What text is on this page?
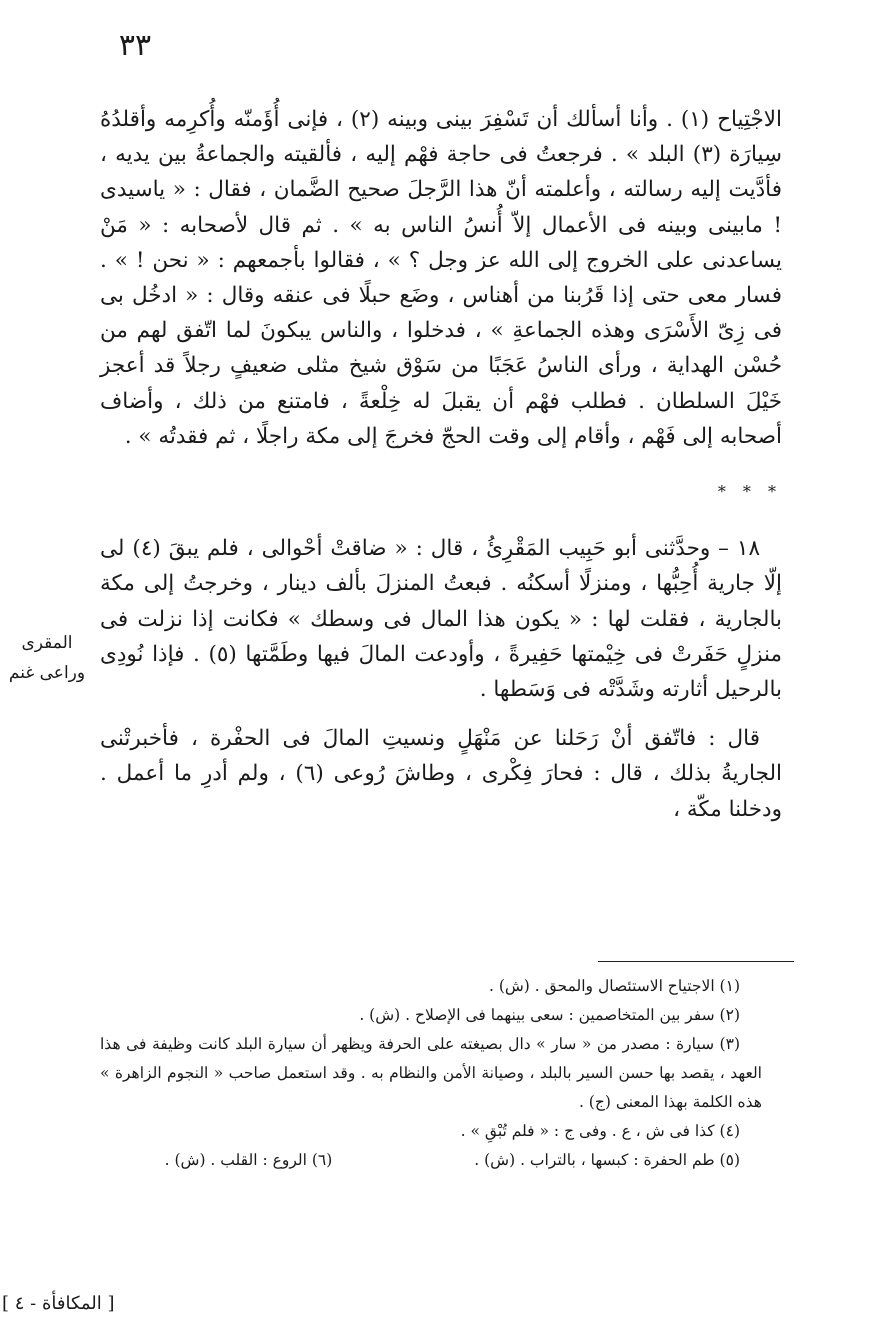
٣٣
المقرى وراعى غنم

الاجْتِياح (١) . وأنا أسألك أن تَسْفِرَ بينى وبينه (٢) ، فإنى أُؤَمنّه وأُكرِمه وأقلدُهُ سِيارَة (٣) البلد » . فرجعتُ فى حاجة فهْم إليه ، فألقيته والجماعةُ بين يديه ، فأدَّيت إليه رسالته ، وأعلمته أنّ هذا الرَّجلَ صحيح الضَّمان ، فقال : « ياسيدى ! مابينى وبينه فى الأعمال إلاّ أُنسُ الناس به » . ثم قال لأصحابه : « مَنْ يساعدنى على الخروج إلى الله عز وجل ؟ » ، فقالوا بأجمعهم : « نحن ! » . فسار معى حتى إذا قَرُبنا من أهناس ، وضَع حبلًا فى عنقه وقال : « ادخُل بى فى زِىّ الأَسْرَى وهذه الجماعةِ » ، فدخلوا ، والناس يبكونَ لما اتّفق لهم من حُسْن الهداية ، ورأى الناسُ عَجَبًا من سَوْق شيخ مثلى ضعيفٍ رجلاً قد أعجز خَيْلَ السلطان . فطلب فهْم أن يقبلَ له خِلْعةً ، فامتنع من ذلك ، وأضاف أصحابه إلى فَهْم ، وأقام إلى وقت الحجّ فخرجَ إلى مكة راجلًا ، ثم فقدتُه » .

* * *

١٨ – وحدَّثنى أبو حَبِيب المَقْرِئُ ، قال : « ضاقتْ أحْوالى ، فلم يبقَ (٤) لى إلّا جارية أُحِبُّها ، ومنزلًا أسكنُه . فبعتُ المنزلَ بألف دينار ، وخرجتُ إلى مكة بالجارية ، فقلت لها : « يكون هذا المال فى وسطك » فكانت إذا نزلت فى منزلٍ حَفَرتْ فى خِيْمتها حَفِيرةً ، وأودعت المالَ فيها وطَمَّتها (٥) . فإذا نُودِى بالرحيل أثارته وشَدَّتْه فى وَسَطها .

قال : فاتّفق أنْ رَحَلنا عن مَنْهَلٍ ونسيتِ المالَ فى الحفْرة ، فأخبرتْنى الجاريةُ بذلك ، قال : فحارَ فِكْرى ، وطاشَ رُوعى (٦) ، ولم أدرِ ما أعمل . ودخلنا مكّة ،

(١) الاجتياح الاستئصال والمحق . (ش) .

(٢) سفر بين المتخاصمين : سعى بينهما فى الإصلاح . (ش) .

(٣) سيارة : مصدر من « سار » دال بصيغته على الحرفة ويظهر أن سيارة البلد كانت وظيفة فى هذا العهد ، يقصد بها حسن السير بالبلد ، وصيانة الأمن والنظام به . وقد استعمل صاحب « النجوم الزاهرة » هذه الكلمة بهذا المعنى (ج) .

(٤) كذا فى ش ، ع . وفى ج : « فلم تُبْقِ » .

(٥) طم الحفرة : كبسها ، بالتراب . (ش) .
(٦) الروع : القلب . (ش) .
[ المكافأة - ٤ ]
